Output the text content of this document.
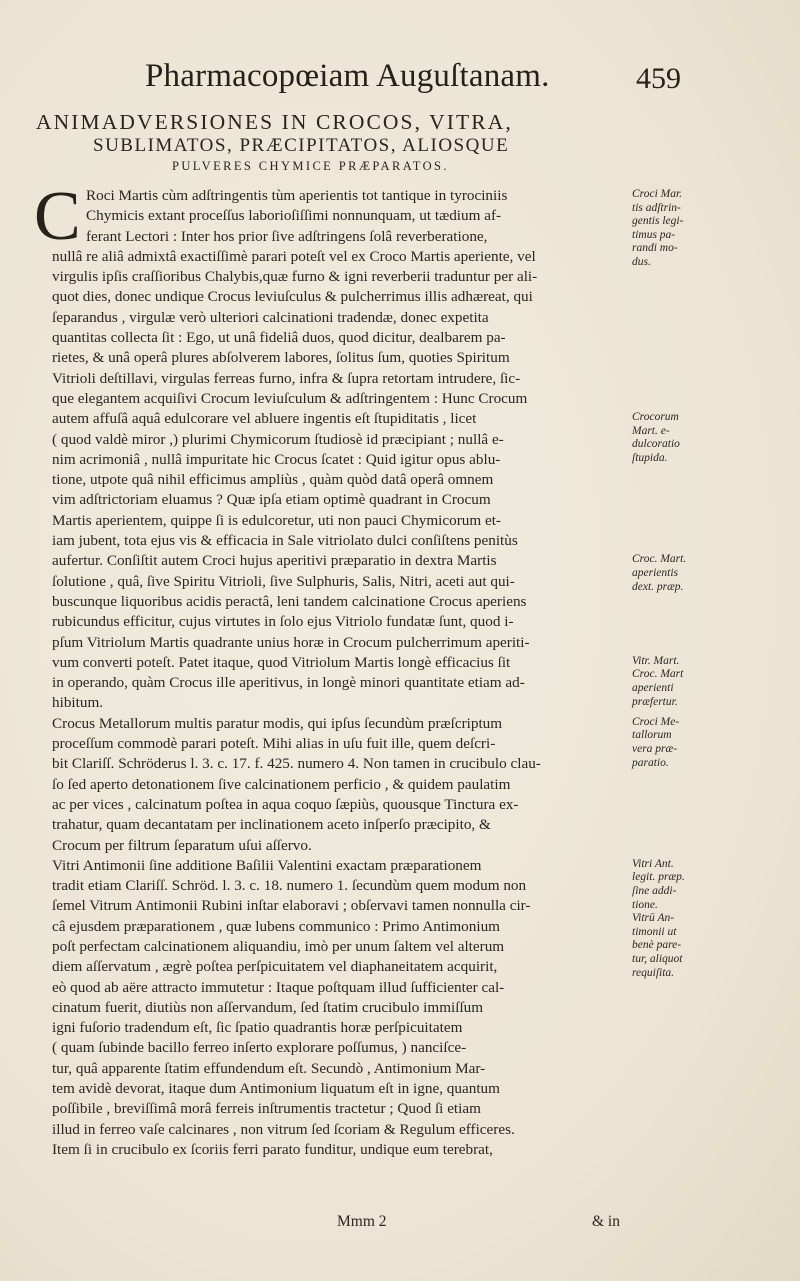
Pharmacopœiam Auguſtanam.	459
ANIMADVERSIONES IN CROCOS, VITRA,
SUBLIMATOS, PRÆCIPITATOS, ALIOSQUE
PULVERES CHYMICE PRÆPARATOS.
C Roci Martis cùm adſtringentis tùm aperientis tot tantique in tyrociniis
Chymicis extant proceſſus laborioſiſſimi nonnunquam, ut tædium af-
ferant Lectori : Inter hos prior ſive adſtringens ſolâ reverberatione,
nullâ re aliâ admixtâ exactiſſimè parari poteſt vel ex Croco Martis aperiente, vel
virgulis ipſis craſſioribus Chalybis,quæ furno & igni reverberii traduntur per ali-
quot dies, donec undique Crocus leviuſculus & pulcherrimus illis adhæreat, qui
ſeparandus , virgulæ verò ulteriori calcinationi tradendæ, donec expetita
quantitas collecta ſit : Ego, ut unâ fideliâ duos, quod dicitur, dealbarem pa-
rietes, & unâ operâ plures abſolverem labores, ſolitus ſum, quoties Spiritum
Vitrioli deſtillavi, virgulas ferreas furno, infra & ſupra retortam intrudere, ſic-
que elegantem acquiſivi Crocum leviuſculum & adſtringentem : Hunc Crocum
autem affuſâ aquâ edulcorare vel abluere ingentis eſt ſtupiditatis , licet
( quod valdè miror ,) plurimi Chymicorum ſtudiosè id præcipiant ; nullâ e-
nim acrimoniâ , nullâ impuritate hic Crocus ſcatet : Quid igitur opus ablu-
tione, utpote quâ nihil efficimus ampliùs , quàm quòd datâ operâ omnem
vim adſtrictoriam eluamus ? Quæ ipſa etiam optimè quadrant in Crocum
Martis aperientem, quippe ſi is edulcoretur, uti non pauci Chymicorum et-
iam jubent, tota ejus vis & efficacia in Sale vitriolato dulci conſiſtens penitùs
aufertur. Conſiſtit autem Croci hujus aperitivi præparatio in dextra Martis
ſolutione , quâ, ſive Spiritu Vitrioli, ſive Sulphuris, Salis, Nitri, aceti aut qui-
buscunque liquoribus acidis peractâ, leni tandem calcinatione Crocus aperiens
rubicundus efficitur, cujus virtutes in ſolo ejus Vitriolo fundatæ ſunt, quod i-
pſum Vitriolum Martis quadrante unius horæ in Crocum pulcherrimum aperiti-
vum converti poteſt. Patet itaque, quod Vitriolum Martis longè efficacius ſit
in operando, quàm Crocus ille aperitivus, in longè minori quantitate etiam ad-
hibitum.
Crocus Metallorum multis paratur modis, qui ipſus ſecundùm præſcriptum
proceſſum commodè parari poteſt. Mihi alias in uſu fuit ille, quem deſcri-
bit Clariſſ. Schröderus l. 3. c. 17. f. 425. numero 4. Non tamen in crucibulo clau-
ſo ſed aperto detonationem ſive calcinationem perficio , & quidem paulatim
ac per vices , calcinatum poſtea in aqua coquo ſæpiùs, quousque Tinctura ex-
trahatur, quam decantatam per inclinationem aceto inſperſo præcipito, &
Crocum per filtrum ſeparatum uſui aſſervo.
Vitri Antimonii ſine additione Baſilii Valentini exactam præparationem
tradit etiam Clariſſ. Schröd. l. 3. c. 18. numero 1. ſecundùm quem modum non
ſemel Vitrum Antimonii Rubini inſtar elaboravi ; obſervavi tamen nonnulla cir-
câ ejusdem præparationem , quæ lubens communico : Primo Antimonium
poſt perfectam calcinationem aliquandiu, imò per unum ſaltem vel alterum
diem aſſervatum , ægrè poſtea perſpicuitatem vel diaphaneitatem acquirit,
eò quod ab aëre attracto immutetur : Itaque poſtquam illud ſufficienter cal-
cinatum fuerit, diutiùs non aſſervandum, ſed ſtatim crucibulo immiſſum
igni fuſorio tradendum eſt, ſic ſpatio quadrantis horæ perſpicuitatem
( quam ſubinde bacillo ferreo inſerto explorare poſſumus, ) nanciſce-
tur, quâ apparente ſtatim effundendum eſt. Secundò , Antimonium Mar-
tem avidè devorat, itaque dum Antimonium liquatum eſt in igne, quantum
poſſibile , breviſſimâ morâ ferreis inſtrumentis tractetur ; Quod ſi etiam
illud in ferreo vaſe calcinares , non vitrum ſed ſcoriam & Regulum efficeres.
Item ſi in crucibulo ex ſcoriis ferri parato funditur, undique eum terebrat,
Croci Mar.
tis adſtrin-
gentis legi-
timus pa-
randi mo-
dus.
Crocorum
Mart. e-
dulcoratio
ſtupida.
Croc. Mart.
aperientis
dext. præp.
Vitr. Mart.
Croc. Mart
aperienti
præfertur.
Croci Me-
tallorum
vera præ-
paratio.
Vitri Ant.
legit. præp.
ſine addi-
tione.
Vitrū An-
timonii ut
benè pare-
tur, aliquot
requiſita.
Mmm 2	& in
